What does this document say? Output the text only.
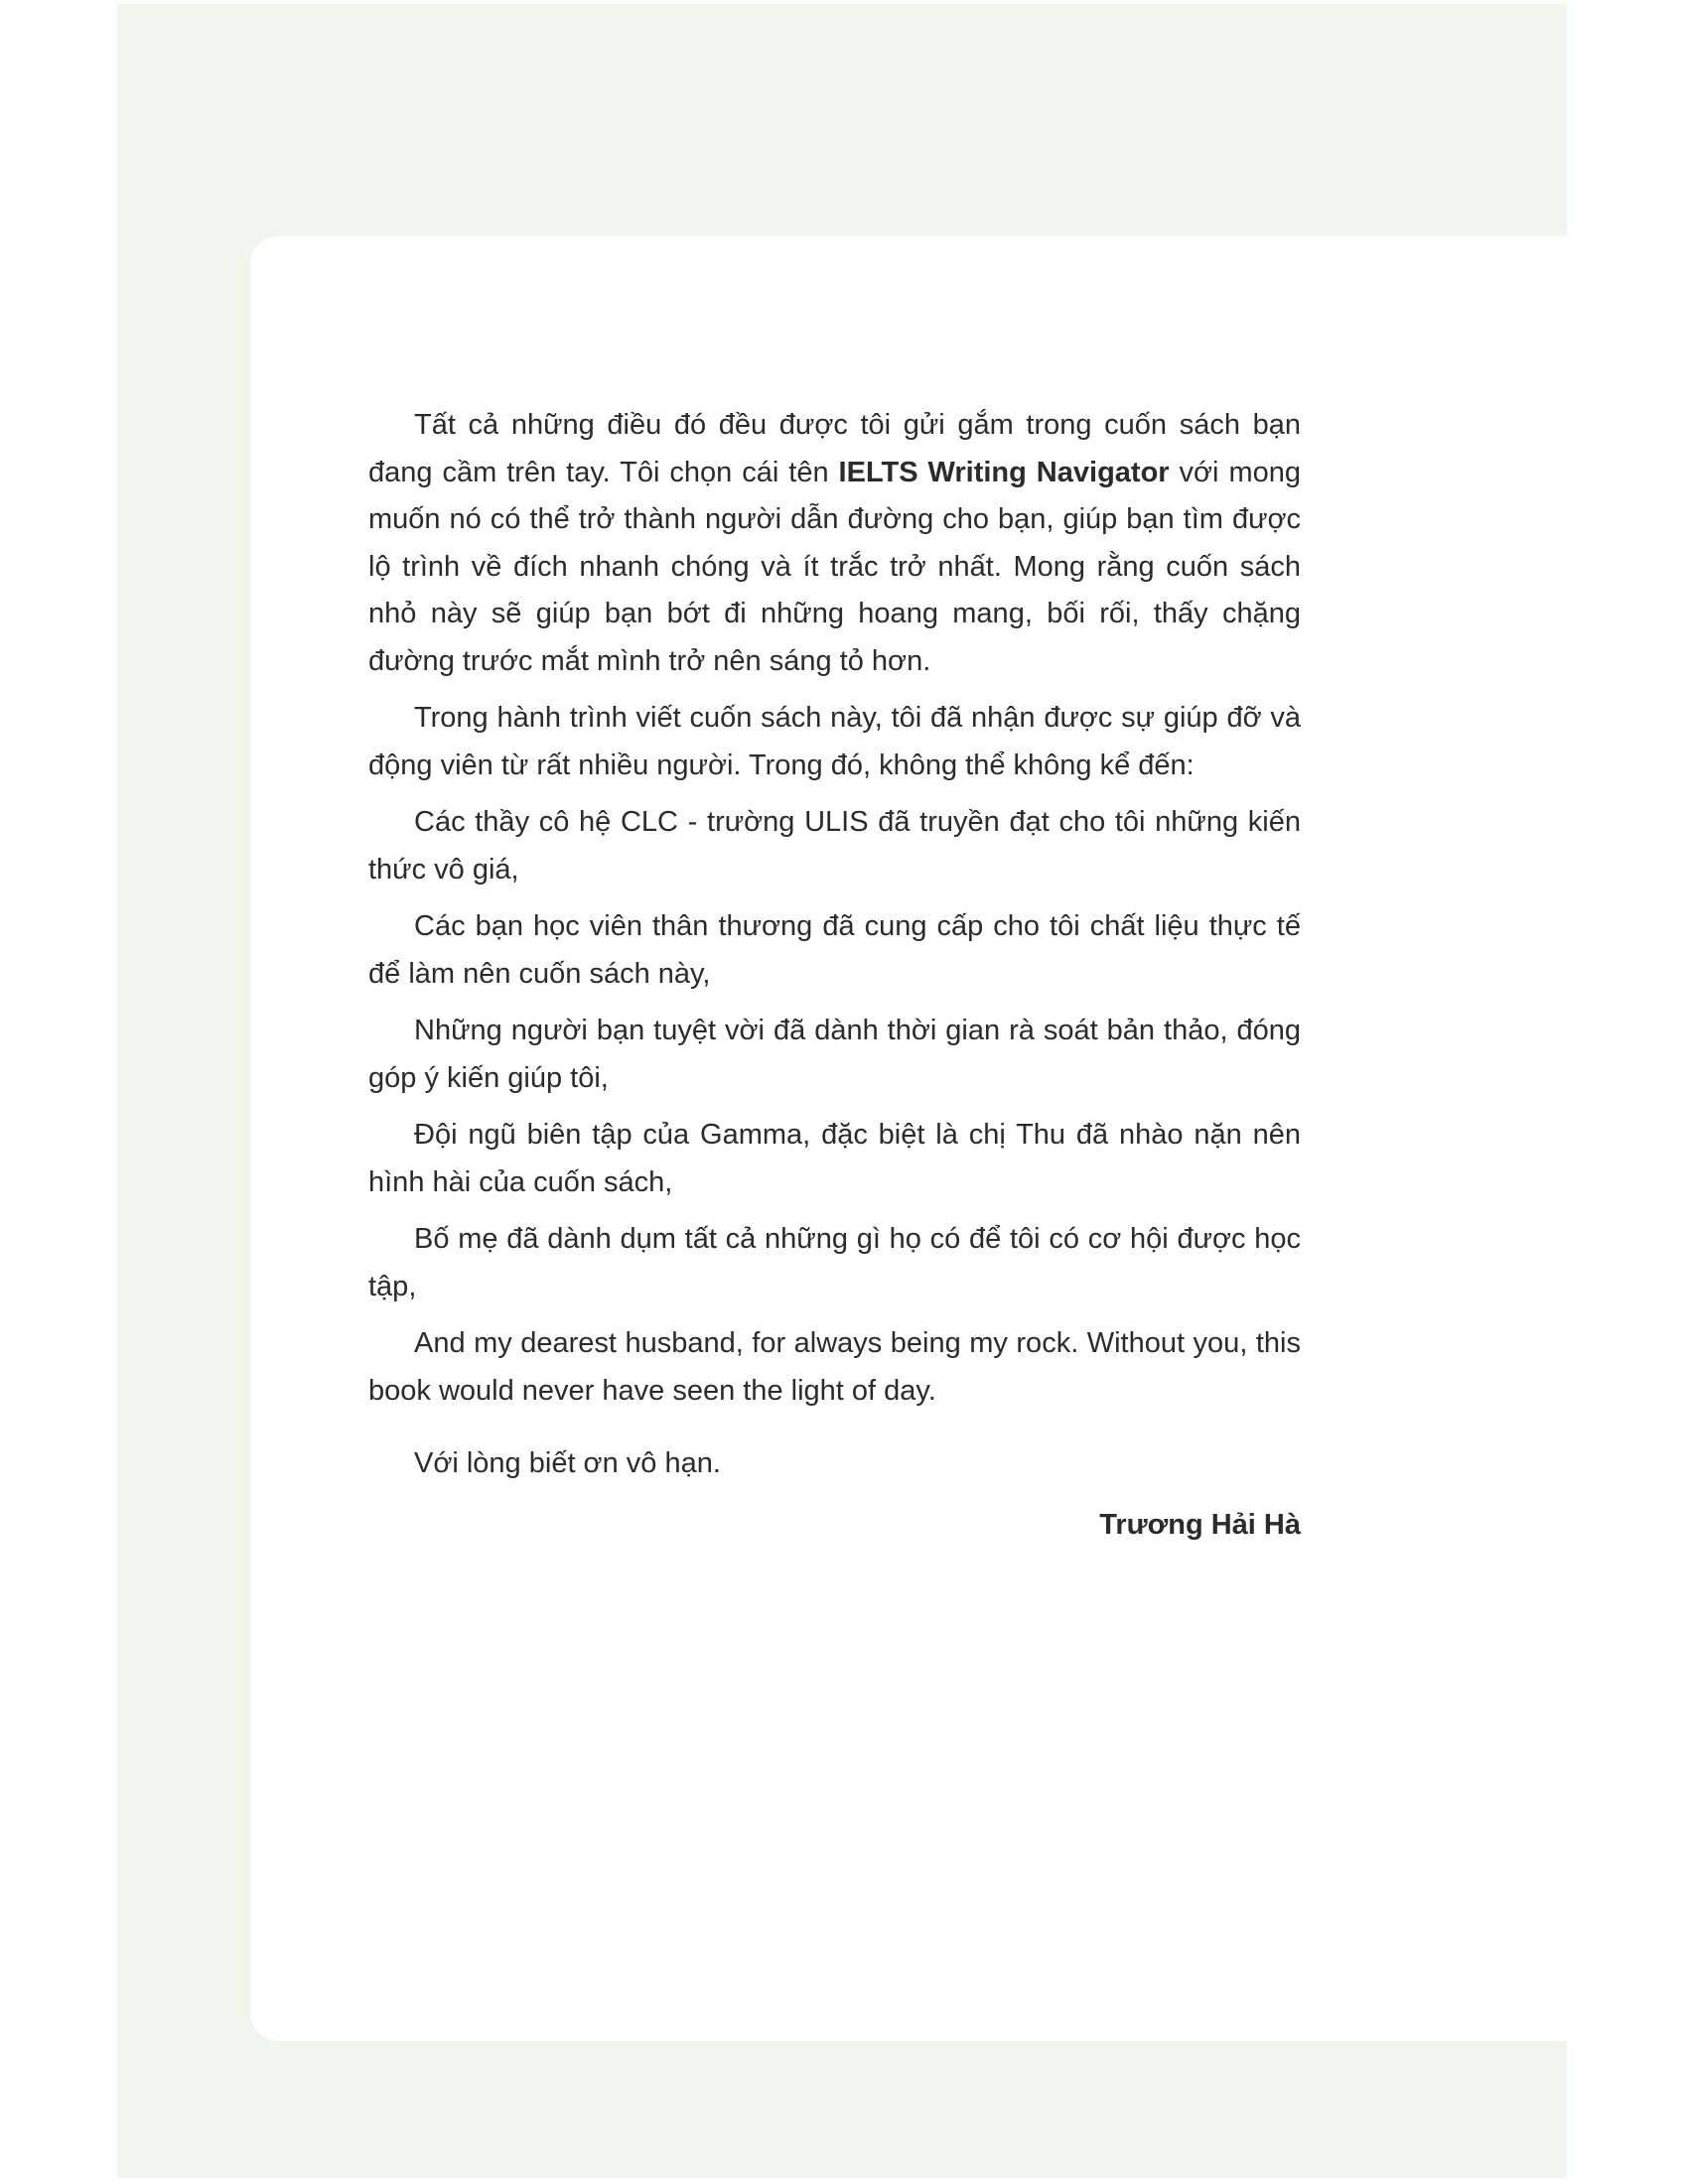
Tất cả những điều đó đều được tôi gửi gắm trong cuốn sách bạn đang cầm trên tay. Tôi chọn cái tên IELTS Writing Navigator với mong muốn nó có thể trở thành người dẫn đường cho bạn, giúp bạn tìm được lộ trình về đích nhanh chóng và ít trắc trở nhất. Mong rằng cuốn sách nhỏ này sẽ giúp bạn bớt đi những hoang mang, bối rối, thấy chặng đường trước mắt mình trở nên sáng tỏ hơn.

Trong hành trình viết cuốn sách này, tôi đã nhận được sự giúp đỡ và động viên từ rất nhiều người. Trong đó, không thể không kể đến:

Các thầy cô hệ CLC - trường ULIS đã truyền đạt cho tôi những kiến thức vô giá,

Các bạn học viên thân thương đã cung cấp cho tôi chất liệu thực tế để làm nên cuốn sách này,

Những người bạn tuyệt vời đã dành thời gian rà soát bản thảo, đóng góp ý kiến giúp tôi,

Đội ngũ biên tập của Gamma, đặc biệt là chị Thu đã nhào nặn nên hình hài của cuốn sách,

Bố mẹ đã dành dụm tất cả những gì họ có để tôi có cơ hội được học tập,

And my dearest husband, for always being my rock. Without you, this book would never have seen the light of day.

Với lòng biết ơn vô hạn.

Trương Hải Hà
